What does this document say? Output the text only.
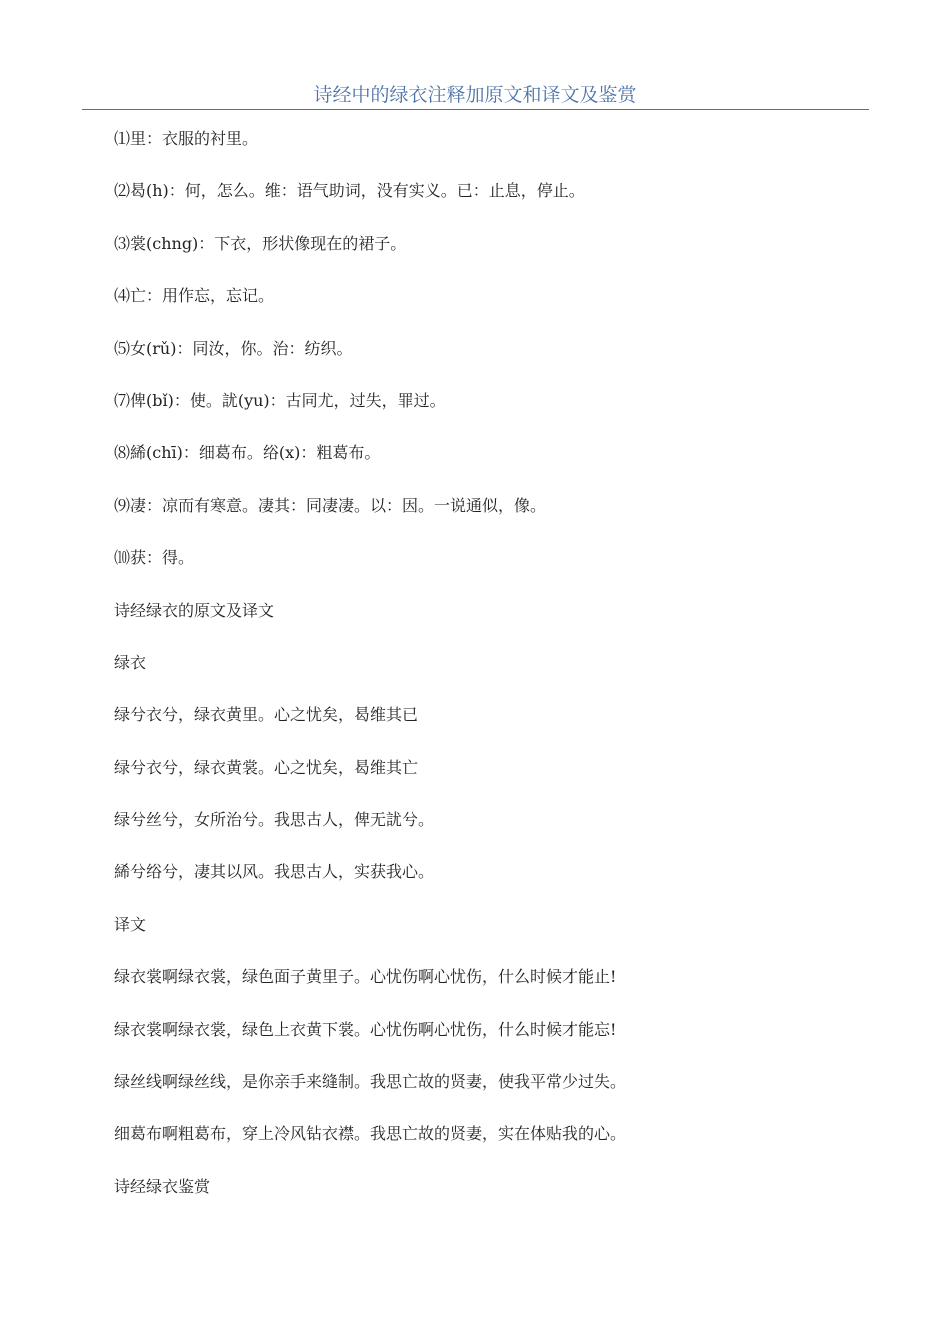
诗经中的绿衣注释加原文和译文及鉴赏

⑴里：衣服的衬里。

⑵曷(h)：何，怎么。维：语气助词，没有实义。已：止息，停止。

⑶裳(chng)：下衣，形状像现在的裙子。

⑷亡：用作忘，忘记。

⑸女(rǔ)：同汝，你。治：纺织。

⑺俾(bǐ)：使。訧(yu)：古同尤，过失，罪过。

⑻絺(chī)：细葛布。绤(x)：粗葛布。

⑼凄：凉而有寒意。凄其：同凄凄。以：因。一说通似，像。

⑽获：得。

诗经绿衣的原文及译文

绿衣

绿兮衣兮，绿衣黄里。心之忧矣，曷维其已

绿兮衣兮，绿衣黄裳。心之忧矣，曷维其亡

绿兮丝兮，女所治兮。我思古人，俾无訧兮。

絺兮绤兮，凄其以风。我思古人，实获我心。

译文

绿衣裳啊绿衣裳，绿色面子黄里子。心忧伤啊心忧伤，什么时候才能止!

绿衣裳啊绿衣裳，绿色上衣黄下裳。心忧伤啊心忧伤，什么时候才能忘!

绿丝线啊绿丝线，是你亲手来缝制。我思亡故的贤妻，使我平常少过失。

细葛布啊粗葛布，穿上冷风钻衣襟。我思亡故的贤妻，实在体贴我的心。

诗经绿衣鉴赏
